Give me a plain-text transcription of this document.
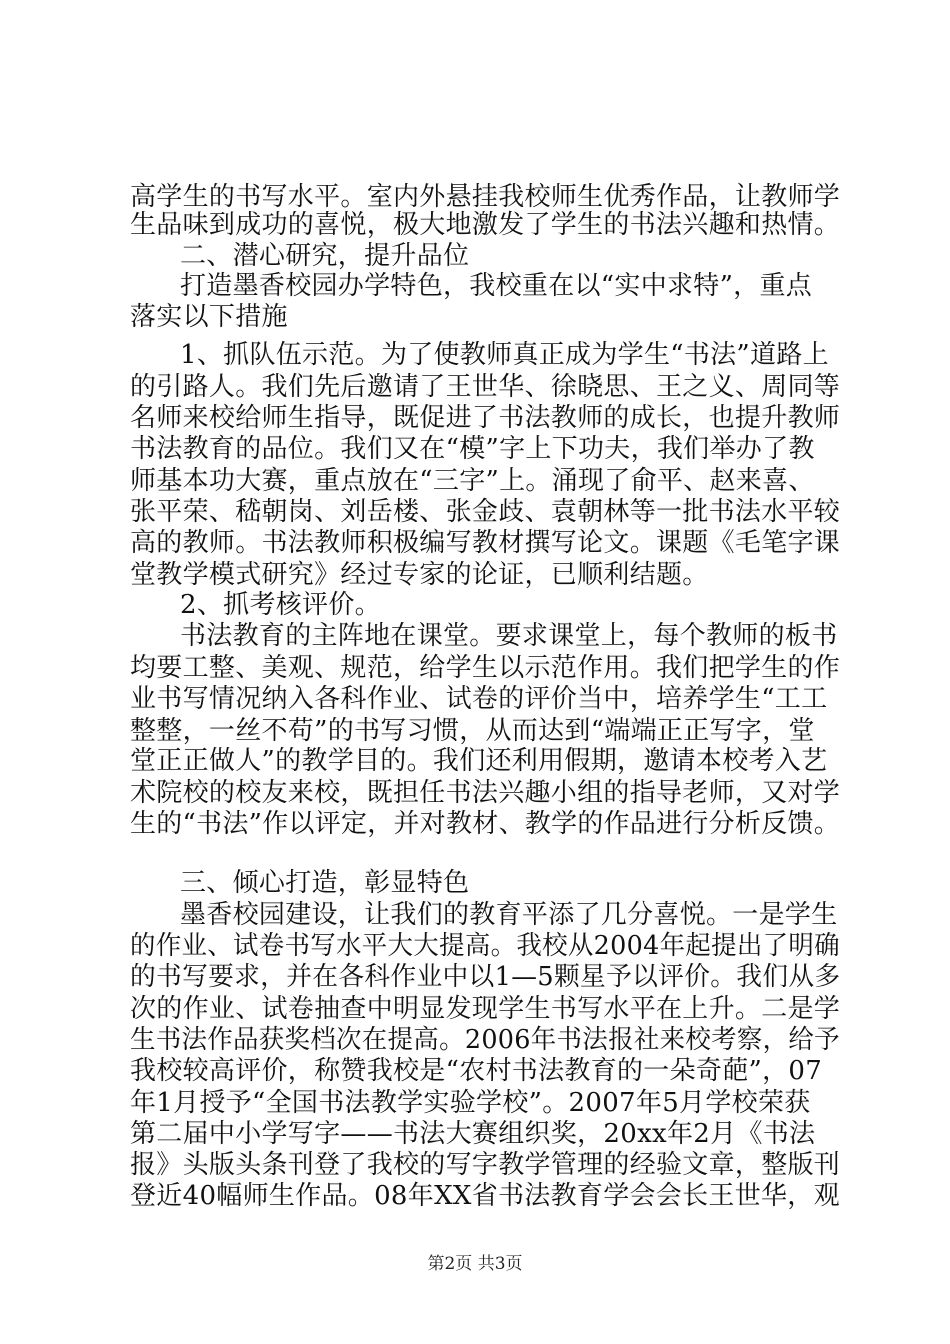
高学生的书写水平。室内外悬挂我校师生优秀作品，让教师学
生品味到成功的喜悦，极大地激发了学生的书法兴趣和热情。
二、潜心研究，提升品位
打造墨香校园办学特色，我校重在以“实中求特”，重点
落实以下措施
1、抓队伍示范。为了使教师真正成为学生“书法”道路上
的引路人。我们先后邀请了王世华、徐晓思、王之义、周同等
名师来校给师生指导，既促进了书法教师的成长，也提升教师
书法教育的品位。我们又在“模”字上下功夫，我们举办了教
师基本功大赛，重点放在“三字”上。涌现了俞平、赵来喜、
张平荣、嵇朝岗、刘岳楼、张金歧、袁朝林等一批书法水平较
高的教师。书法教师积极编写教材撰写论文。课题《毛笔字课
堂教学模式研究》经过专家的论证，已顺利结题。
2、抓考核评价。
书法教育的主阵地在课堂。要求课堂上，每个教师的板书
均要工整、美观、规范，给学生以示范作用。我们把学生的作
业书写情况纳入各科作业、试卷的评价当中，培养学生“工工
整整，一丝不苟”的书写习惯，从而达到“端端正正写字，堂
堂正正做人”的教学目的。我们还利用假期，邀请本校考入艺
术院校的校友来校，既担任书法兴趣小组的指导老师，又对学
生的“书法”作以评定，并对教材、教学的作品进行分析反馈。
三、倾心打造，彰显特色
墨香校园建设，让我们的教育平添了几分喜悦。一是学生
的作业、试卷书写水平大大提高。我校从2004年起提出了明确
的书写要求，并在各科作业中以1—5颗星予以评价。我们从多
次的作业、试卷抽查中明显发现学生书写水平在上升。二是学
生书法作品获奖档次在提高。2006年书法报社来校考察，给予
我校较高评价，称赞我校是“农村书法教育的一朵奇葩”，07
年1月授予“全国书法教学实验学校”。2007年5月学校荣获
第二届中小学写字——书法大赛组织奖，20xx年2月《书法
报》头版头条刊登了我校的写字教学管理的经验文章，整版刊
登近40幅师生作品。08年XX省书法教育学会会长王世华，观
第2页 共3页
